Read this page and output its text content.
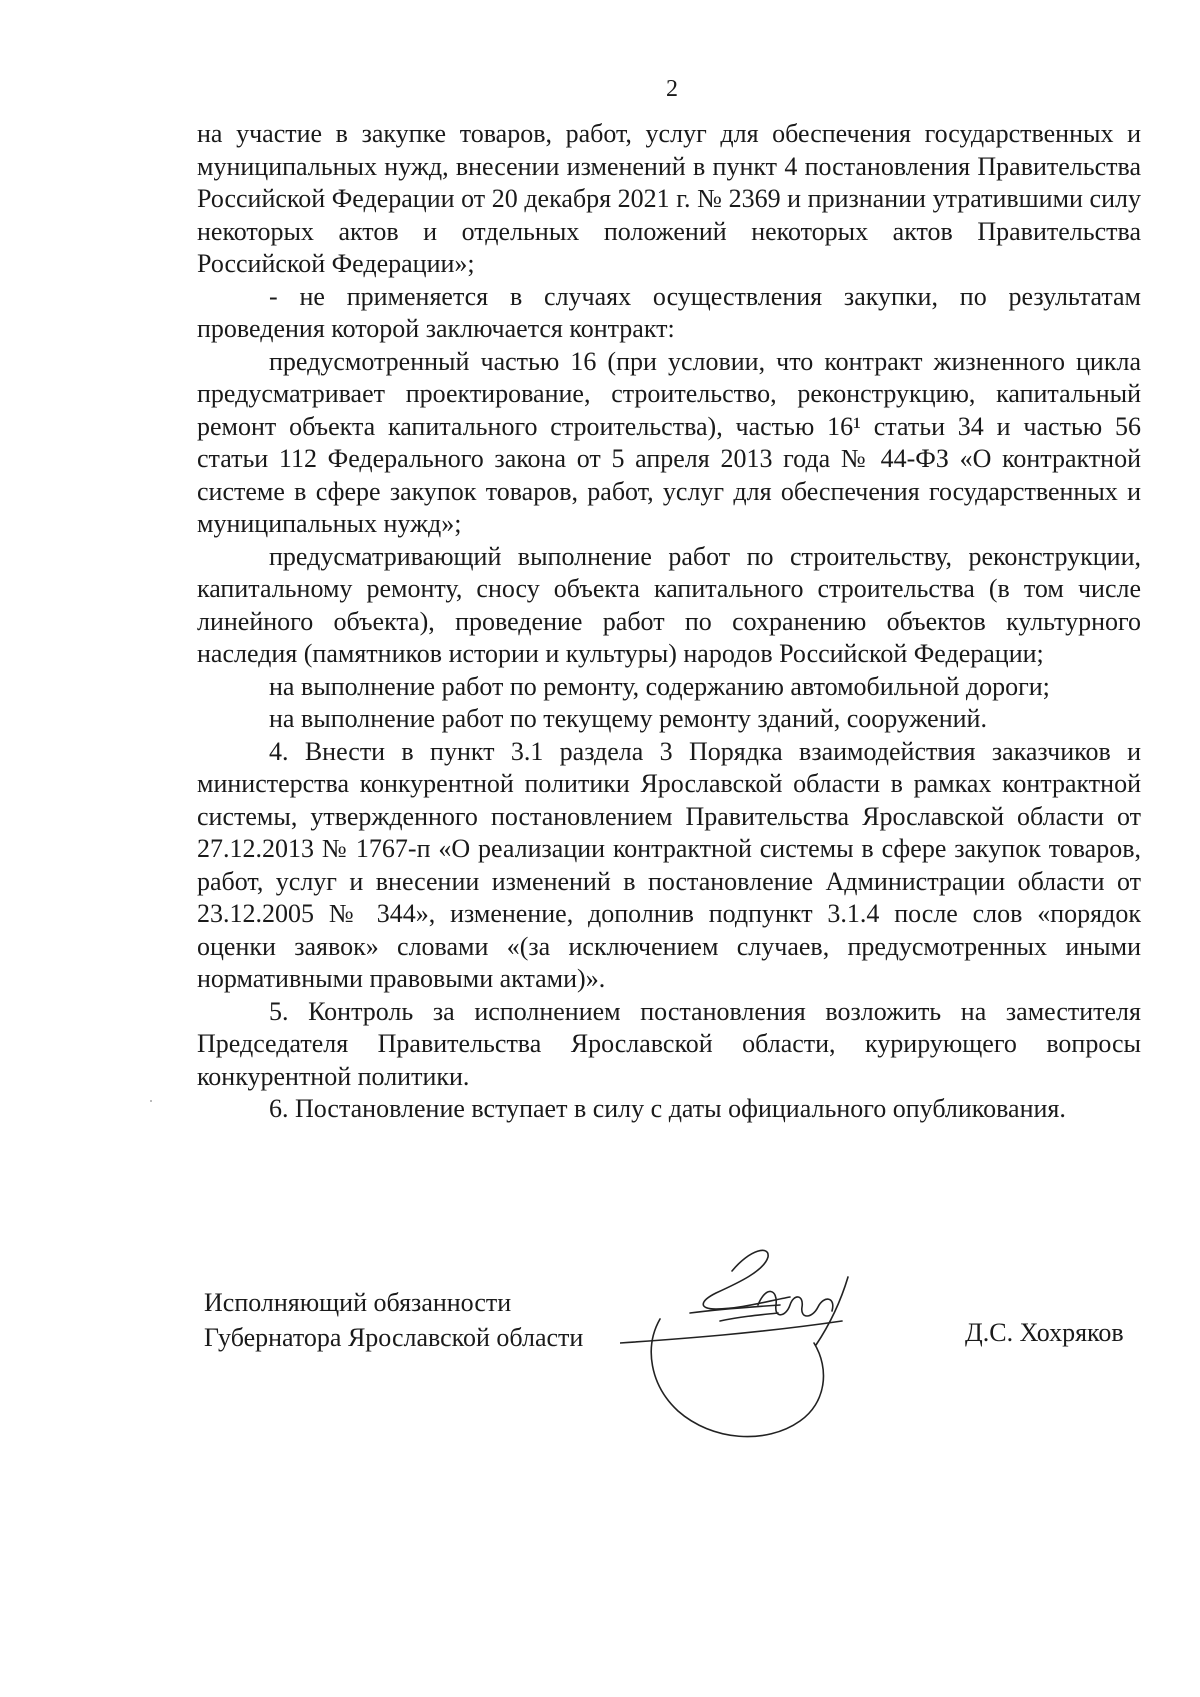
2

на участие в закупке товаров, работ, услуг для обеспечения государственных и муниципальных нужд, внесении изменений в пункт 4 постановления Правительства Российской Федерации от 20 декабря 2021 г. № 2369 и признании утратившими силу некоторых актов и отдельных положений некоторых актов Правительства Российской Федерации»;

- не применяется в случаях осуществления закупки, по результатам проведения которой заключается контракт:

предусмотренный частью 16 (при условии, что контракт жизненного цикла предусматривает проектирование, строительство, реконструкцию, капитальный ремонт объекта капитального строительства), частью 16¹ статьи 34 и частью 56 статьи 112 Федерального закона от 5 апреля 2013 года № 44-ФЗ «О контрактной системе в сфере закупок товаров, работ, услуг для обеспечения государственных и муниципальных нужд»;

предусматривающий выполнение работ по строительству, реконструкции, капитальному ремонту, сносу объекта капитального строительства (в том числе линейного объекта), проведение работ по сохранению объектов культурного наследия (памятников истории и культуры) народов Российской Федерации;

на выполнение работ по ремонту, содержанию автомобильной дороги;

на выполнение работ по текущему ремонту зданий, сооружений.

4. Внести в пункт 3.1 раздела 3 Порядка взаимодействия заказчиков и министерства конкурентной политики Ярославской области в рамках контрактной системы, утвержденного постановлением Правительства Ярославской области от 27.12.2013 № 1767-п «О реализации контрактной системы в сфере закупок товаров, работ, услуг и внесении изменений в постановление Администрации области от 23.12.2005 № 344», изменение, дополнив подпункт 3.1.4 после слов «порядок оценки заявок» словами «(за исключением случаев, предусмотренных иными нормативными правовыми актами)».

5. Контроль за исполнением постановления возложить на заместителя Председателя Правительства Ярославской области, курирующего вопросы конкурентной политики.

6. Постановление вступает в силу с даты официального опубликования.

Исполняющий обязанности
Губернатора Ярославской области	Д.С. Хохряков
